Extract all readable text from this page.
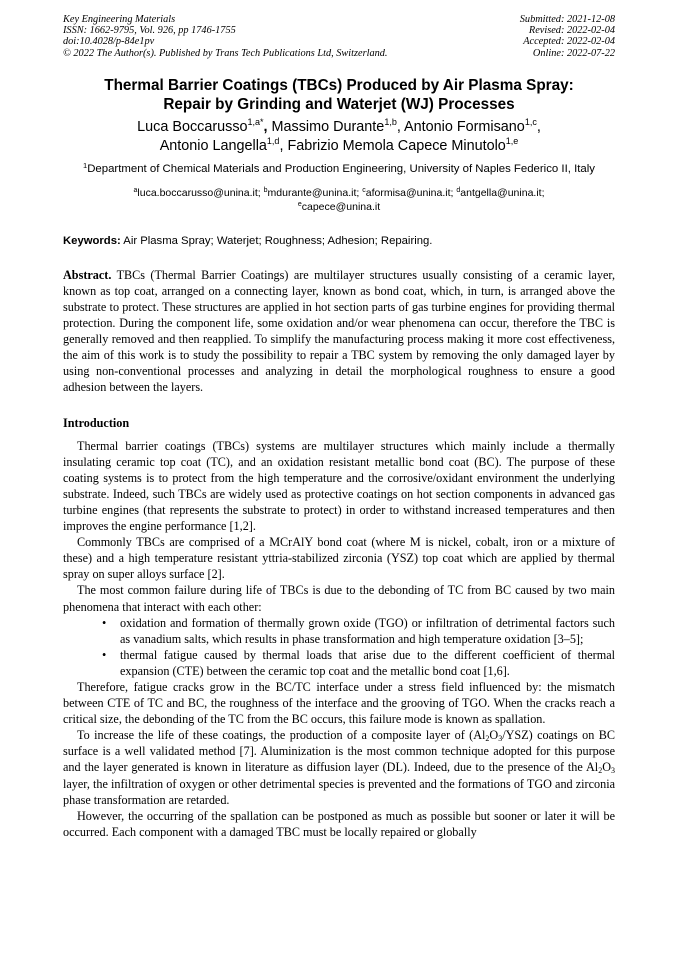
Key Engineering Materials
ISSN: 1662-9795, Vol. 926, pp 1746-1755
doi:10.4028/p-84e1pv
© 2022 The Author(s). Published by Trans Tech Publications Ltd, Switzerland.
Submitted: 2021-12-08
Revised: 2022-02-04
Accepted: 2022-02-04
Online: 2022-07-22
Thermal Barrier Coatings (TBCs) Produced by Air Plasma Spray:
Repair by Grinding and Waterjet (WJ) Processes
Luca Boccarusso$^{1,a*}$, Massimo Durante$^{1,b}$, Antonio Formisano$^{1,c}$,
Antonio Langella$^{1,d}$, Fabrizio Memola Capece Minutolo$^{1,e}$
$^1$Department of Chemical Materials and Production Engineering, University of Naples Federico II, Italy
$^a$luca.boccarusso@unina.it; $^b$mdurante@unina.it; $^c$aformisa@unina.it; $^d$antgella@unina.it;
$^e$capece@unina.it
Keywords: Air Plasma Spray; Waterjet; Roughness; Adhesion; Repairing.
Abstract. TBCs (Thermal Barrier Coatings) are multilayer structures usually consisting of a ceramic layer, known as top coat, arranged on a connecting layer, known as bond coat, which, in turn, is arranged above the substrate to protect. These structures are applied in hot section parts of gas turbine engines for providing thermal protection. During the component life, some oxidation and/or wear phenomena can occur, therefore the TBC is generally removed and then reapplied. To simplify the manufacturing process making it more cost effectiveness, the aim of this work is to study the possibility to repair a TBC system by removing the only damaged layer by using non-conventional processes and analyzing in detail the morphological roughness to ensure a good adhesion between the layers.
Introduction

Thermal barrier coatings (TBCs) systems are multilayer structures which mainly include a thermally insulating ceramic top coat (TC), and an oxidation resistant metallic bond coat (BC). The purpose of these coating systems is to protect from the high temperature and the corrosive/oxidant environment the underlying substrate. Indeed, such TBCs are widely used as protective coatings on hot section components in advanced gas turbine engines (that represents the substrate to protect) in order to withstand increased temperatures and then improves the engine performance [1,2].

Commonly TBCs are comprised of a MCrAlY bond coat (where M is nickel, cobalt, iron or a mixture of these) and a high temperature resistant yttria-stabilized zirconia (YSZ) top coat which are applied by thermal spray on super alloys surface [2].

The most common failure during life of TBCs is due to the debonding of TC from BC caused by two main phenomena that interact with each other:

• oxidation and formation of thermally grown oxide (TGO) or infiltration of detrimental factors such as vanadium salts, which results in phase transformation and high temperature oxidation [3–5];
• thermal fatigue caused by thermal loads that arise due to the different coefficient of thermal expansion (CTE) between the ceramic top coat and the metallic bond coat [1,6].

Therefore, fatigue cracks grow in the BC/TC interface under a stress field influenced by: the mismatch between CTE of TC and BC, the roughness of the interface and the grooving of TGO. When the cracks reach a critical size, the debonding of the TC from the BC occurs, this failure mode is known as spallation.

To increase the life of these coatings, the production of a composite layer of $(Al_2O_3/YSZ)$ coatings on BC surface is a well validated method [7]. Aluminization is the most common technique adopted for this purpose and the layer generated is known in literature as diffusion layer (DL). Indeed, due to the presence of the $Al_2O_3$ layer, the infiltration of oxygen or other detrimental species is prevented and the formations of TGO and zirconia phase transformation are retarded.

However, the occurring of the spallation can be postponed as much as possible but sooner or later it will be occurred. Each component with a damaged TBC must be locally repaired or globally
